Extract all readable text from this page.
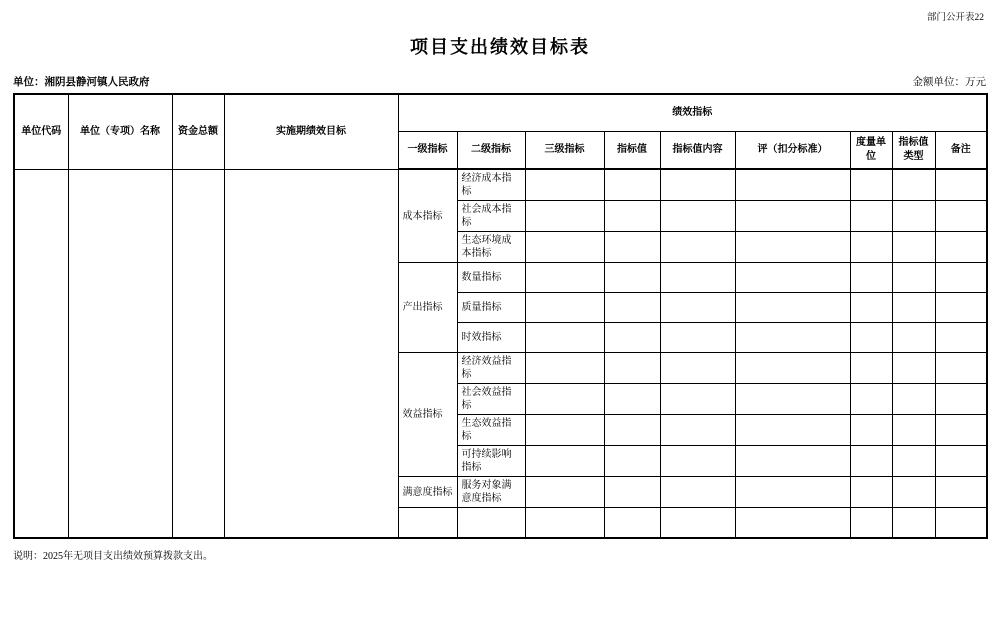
部门公开表22
项目支出绩效目标表
单位：湘阴县静河镇人民政府	金额单位：万元
单位代码	单位（专项）名称	资金总额	实施期绩效目标	绩效指标								
				一级指标	二级指标	三级指标	指标值	指标值内容	评（扣分标准）	度量单位	指标值类型	备注
				成本指标	经济成本指标							
					社会成本指标							
					生态环境成本指标							
				产出指标	数量指标							
					质量指标							
					时效指标							
				效益指标	经济效益指标							
					社会效益指标							
					生态效益指标							
					可持续影响指标							
				满意度指标	服务对象满意度指标							

说明：2025年无项目支出绩效预算拨款支出。
